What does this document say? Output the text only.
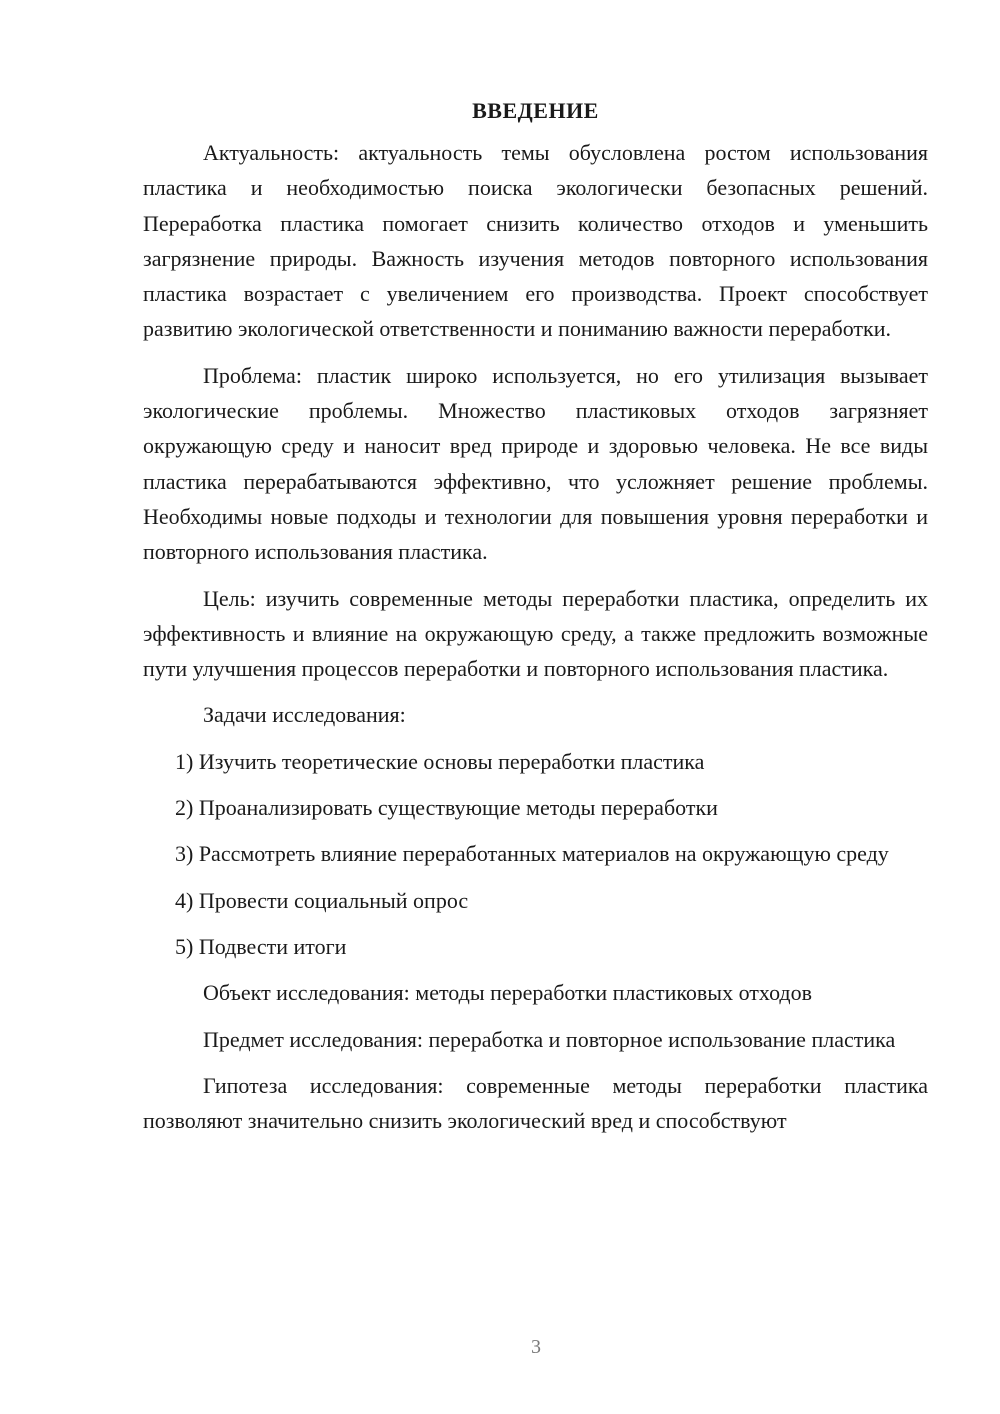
ВВЕДЕНИЕ

Актуальность: актуальность темы обусловлена ростом использования пластика и необходимостью поиска экологически безопасных решений. Переработка пластика помогает снизить количество отходов и уменьшить загрязнение природы. Важность изучения методов повторного использования пластика возрастает с увеличением его производства. Проект способствует развитию экологической ответственности и пониманию важности переработки.

Проблема: пластик широко используется, но его утилизация вызывает экологические проблемы. Множество пластиковых отходов загрязняет окружающую среду и наносит вред природе и здоровью человека. Не все виды пластика перерабатываются эффективно, что усложняет решение проблемы. Необходимы новые подходы и технологии для повышения уровня переработки и повторного использования пластика.

Цель: изучить современные методы переработки пластика, определить их эффективность и влияние на окружающую среду, а также предложить возможные пути улучшения процессов переработки и повторного использования пластика.

Задачи исследования:

1) Изучить теоретические основы переработки пластика

2) Проанализировать существующие методы переработки

3) Рассмотреть влияние переработанных материалов на окружающую среду

4) Провести социальный опрос

5) Подвести итоги

Объект исследования: методы переработки пластиковых отходов

Предмет исследования: переработка и повторное использование пластика

Гипотеза исследования: современные методы переработки пластика позволяют значительно снизить экологический вред и способствуют

3
